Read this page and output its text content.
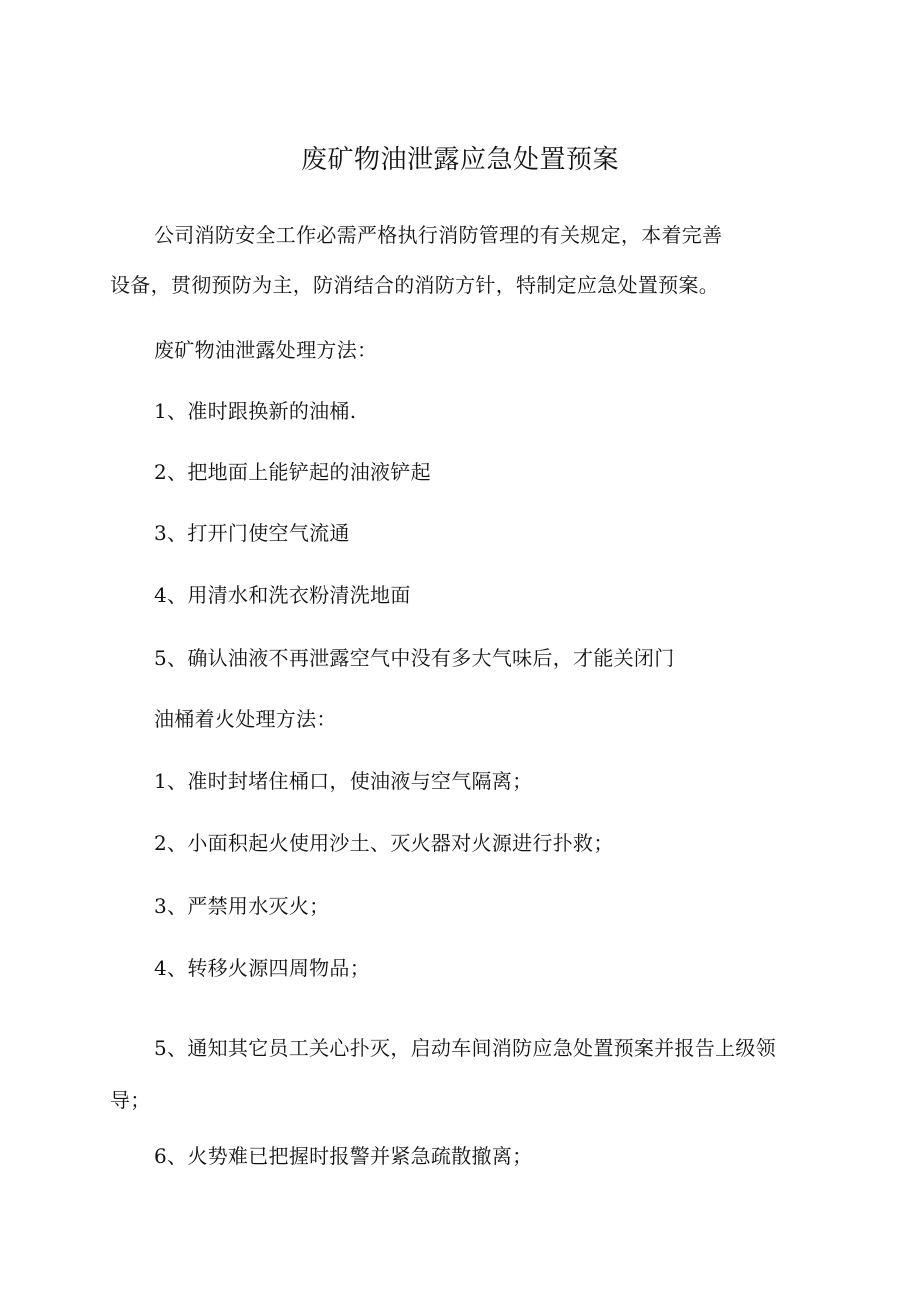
废矿物油泄露应急处置预案
公司消防安全工作必需严格执行消防管理的有关规定，本着完善
设备，贯彻预防为主，防消结合的消防方针，特制定应急处置预案。
废矿物油泄露处理方法：
1、准时跟换新的油桶.
2、把地面上能铲起的油液铲起
3、打开门使空气流通
4、用清水和洗衣粉清洗地面
5、确认油液不再泄露空气中没有多大气味后，才能关闭门
油桶着火处理方法：
1、准时封堵住桶口，使油液与空气隔离；
2、小面积起火使用沙土、灭火器对火源进行扑救；
3、严禁用水灭火；
4、转移火源四周物品；
5、通知其它员工关心扑灭，启动车间消防应急处置预案并报告上级领
导；
6、火势难已把握时报警并紧急疏散撤离；
